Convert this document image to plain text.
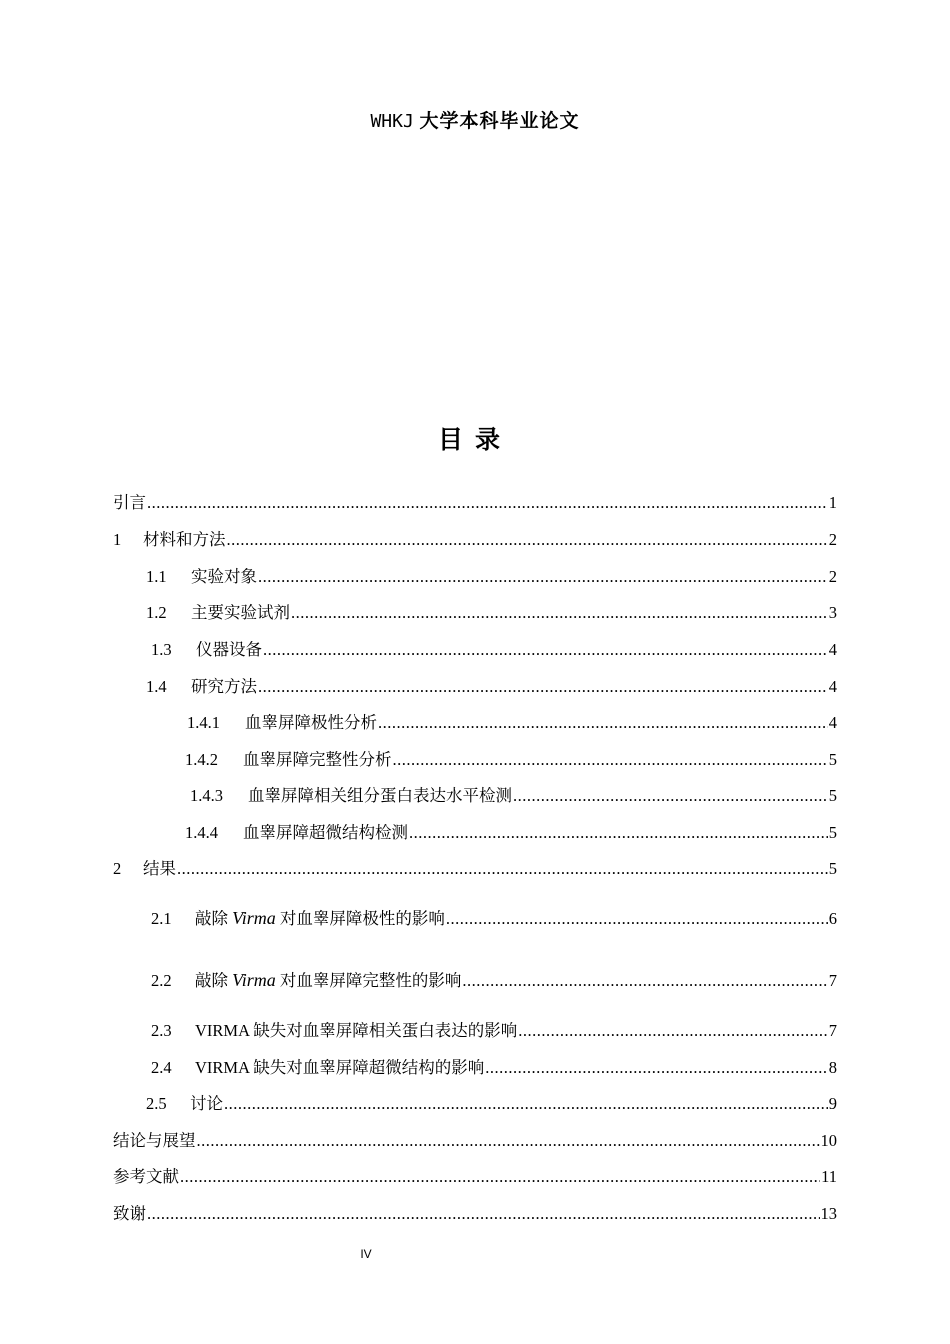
WHKJ 大学本科毕业论文
目录
引言 .....	1
1	材料和方法 .....	2
1.1	实验对象 .....	2
1.2	主要实验试剂 .....	3
1.3	仪器设备 .....	4
1.4	研究方法 .....	4
1.4.1	血睾屏障极性分析 .....	4
1.4.2	血睾屏障完整性分析 .....	5
1.4.3	血睾屏障相关组分蛋白表达水平检测 .....	5
1.4.4	血睾屏障超微结构检测 .....	5
2	结果 .....	5
2.1	敲除 Virma 对血睾屏障极性的影响 .....	6
2.2	敲除 Virma 对血睾屏障完整性的影响 .....	7
2.3	VIRMA 缺失对血睾屏障相关蛋白表达的影响 .....	7
2.4	VIRMA 缺失对血睾屏障超微结构的影响 .....	8
2.5	讨论 .....	9
结论与展望 .....	10
参考文献 .....	11
致谢 .....	13
IV
